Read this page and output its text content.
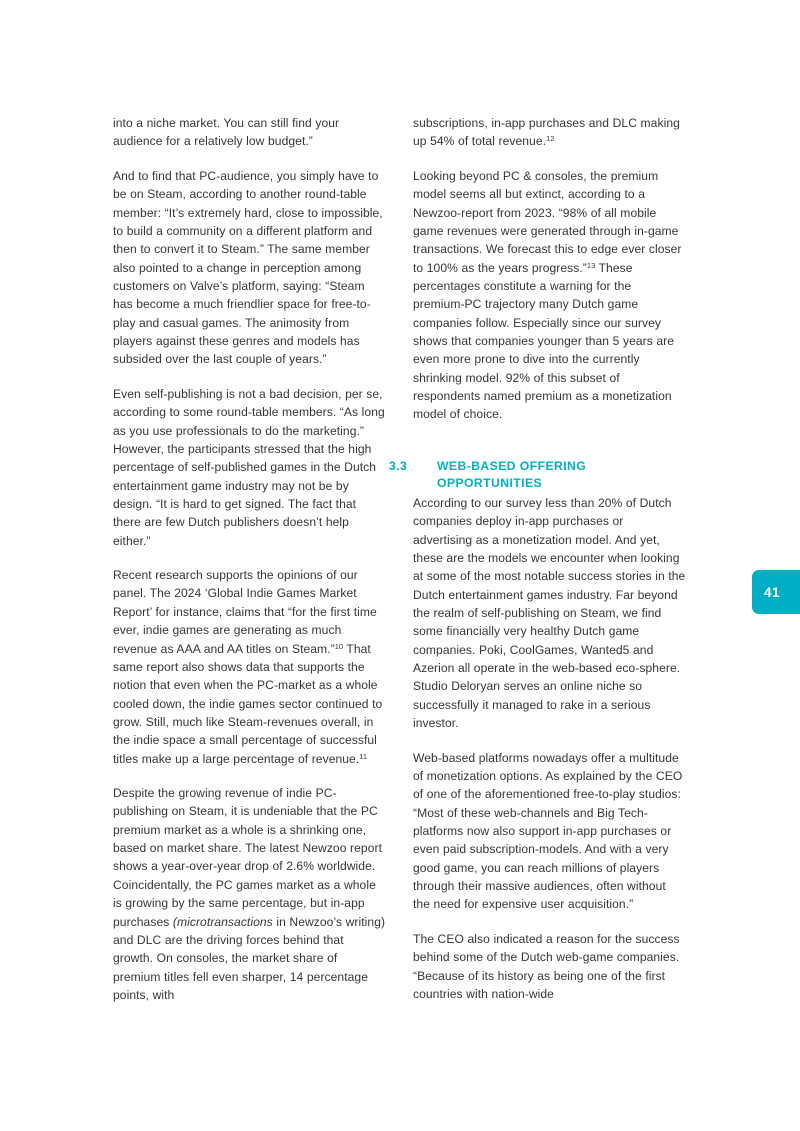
into a niche market. You can still find your audience for a relatively low budget.”

And to find that PC-audience, you simply have to be on Steam, according to another round-table member: “It’s extremely hard, close to impossible, to build a community on a different platform and then to convert it to Steam.” The same member also pointed to a change in perception among customers on Valve’s platform, saying: “Steam has become a much friendlier space for free-to-play and casual games. The animosity from players against these genres and models has subsided over the last couple of years.”

Even self-publishing is not a bad decision, per se, according to some round-table members. “As long as you use professionals to do the marketing.” However, the participants stressed that the high percentage of self-published games in the Dutch entertainment game industry may not be by design. “It is hard to get signed. The fact that there are few Dutch publishers doesn’t help either.”

Recent research supports the opinions of our panel. The 2024 ‘Global Indie Games Market Report’ for instance, claims that “for the first time ever, indie games are generating as much revenue as AAA and AA titles on Steam.”$^{10}$ That same report also shows data that supports the notion that even when the PC-market as a whole cooled down, the indie games sector continued to grow. Still, much like Steam-revenues overall, in the indie space a small percentage of successful titles make up a large percentage of revenue.$^{11}$

Despite the growing revenue of indie PC-publishing on Steam, it is undeniable that the PC premium market as a whole is a shrinking one, based on market share. The latest Newzoo report shows a year-over-year drop of 2.6% worldwide. Coincidentally, the PC games market as a whole is growing by the same percentage, but in-app purchases (microtransactions in Newzoo’s writing) and DLC are the driving forces behind that growth. On consoles, the market share of premium titles fell even sharper, 14 percentage points, with

subscriptions, in-app purchases and DLC making up 54% of total revenue.$^{12}$

Looking beyond PC & consoles, the premium model seems all but extinct, according to a Newzoo-report from 2023. “98% of all mobile game revenues were generated through in-game transactions. We forecast this to edge ever closer to 100% as the years progress.”$^{13}$ These percentages constitute a warning for the premium-PC trajectory many Dutch game companies follow. Especially since our survey shows that companies younger than 5 years are even more prone to dive into the currently shrinking model. 92% of this subset of respondents named premium as a monetization model of choice.

3.3 WEB-BASED OFFERING OPPORTUNITIES

According to our survey less than 20% of Dutch companies deploy in-app purchases or advertising as a monetization model. And yet, these are the models we encounter when looking at some of the most notable success stories in the Dutch entertainment games industry. Far beyond the realm of self-publishing on Steam, we find some financially very healthy Dutch game companies. Poki, CoolGames, Wanted5 and Azerion all operate in the web-based eco-sphere. Studio Deloryan serves an online niche so successfully it managed to rake in a serious investor.

Web-based platforms nowadays offer a multitude of monetization options. As explained by the CEO of one of the aforementioned free-to-play studios: “Most of these web-channels and Big Tech-platforms now also support in-app purchases or even paid subscription-models. And with a very good game, you can reach millions of players through their massive audiences, often without the need for expensive user acquisition.”

The CEO also indicated a reason for the success behind some of the Dutch web-game companies. “Because of its history as being one of the first countries with nation-wide

41
